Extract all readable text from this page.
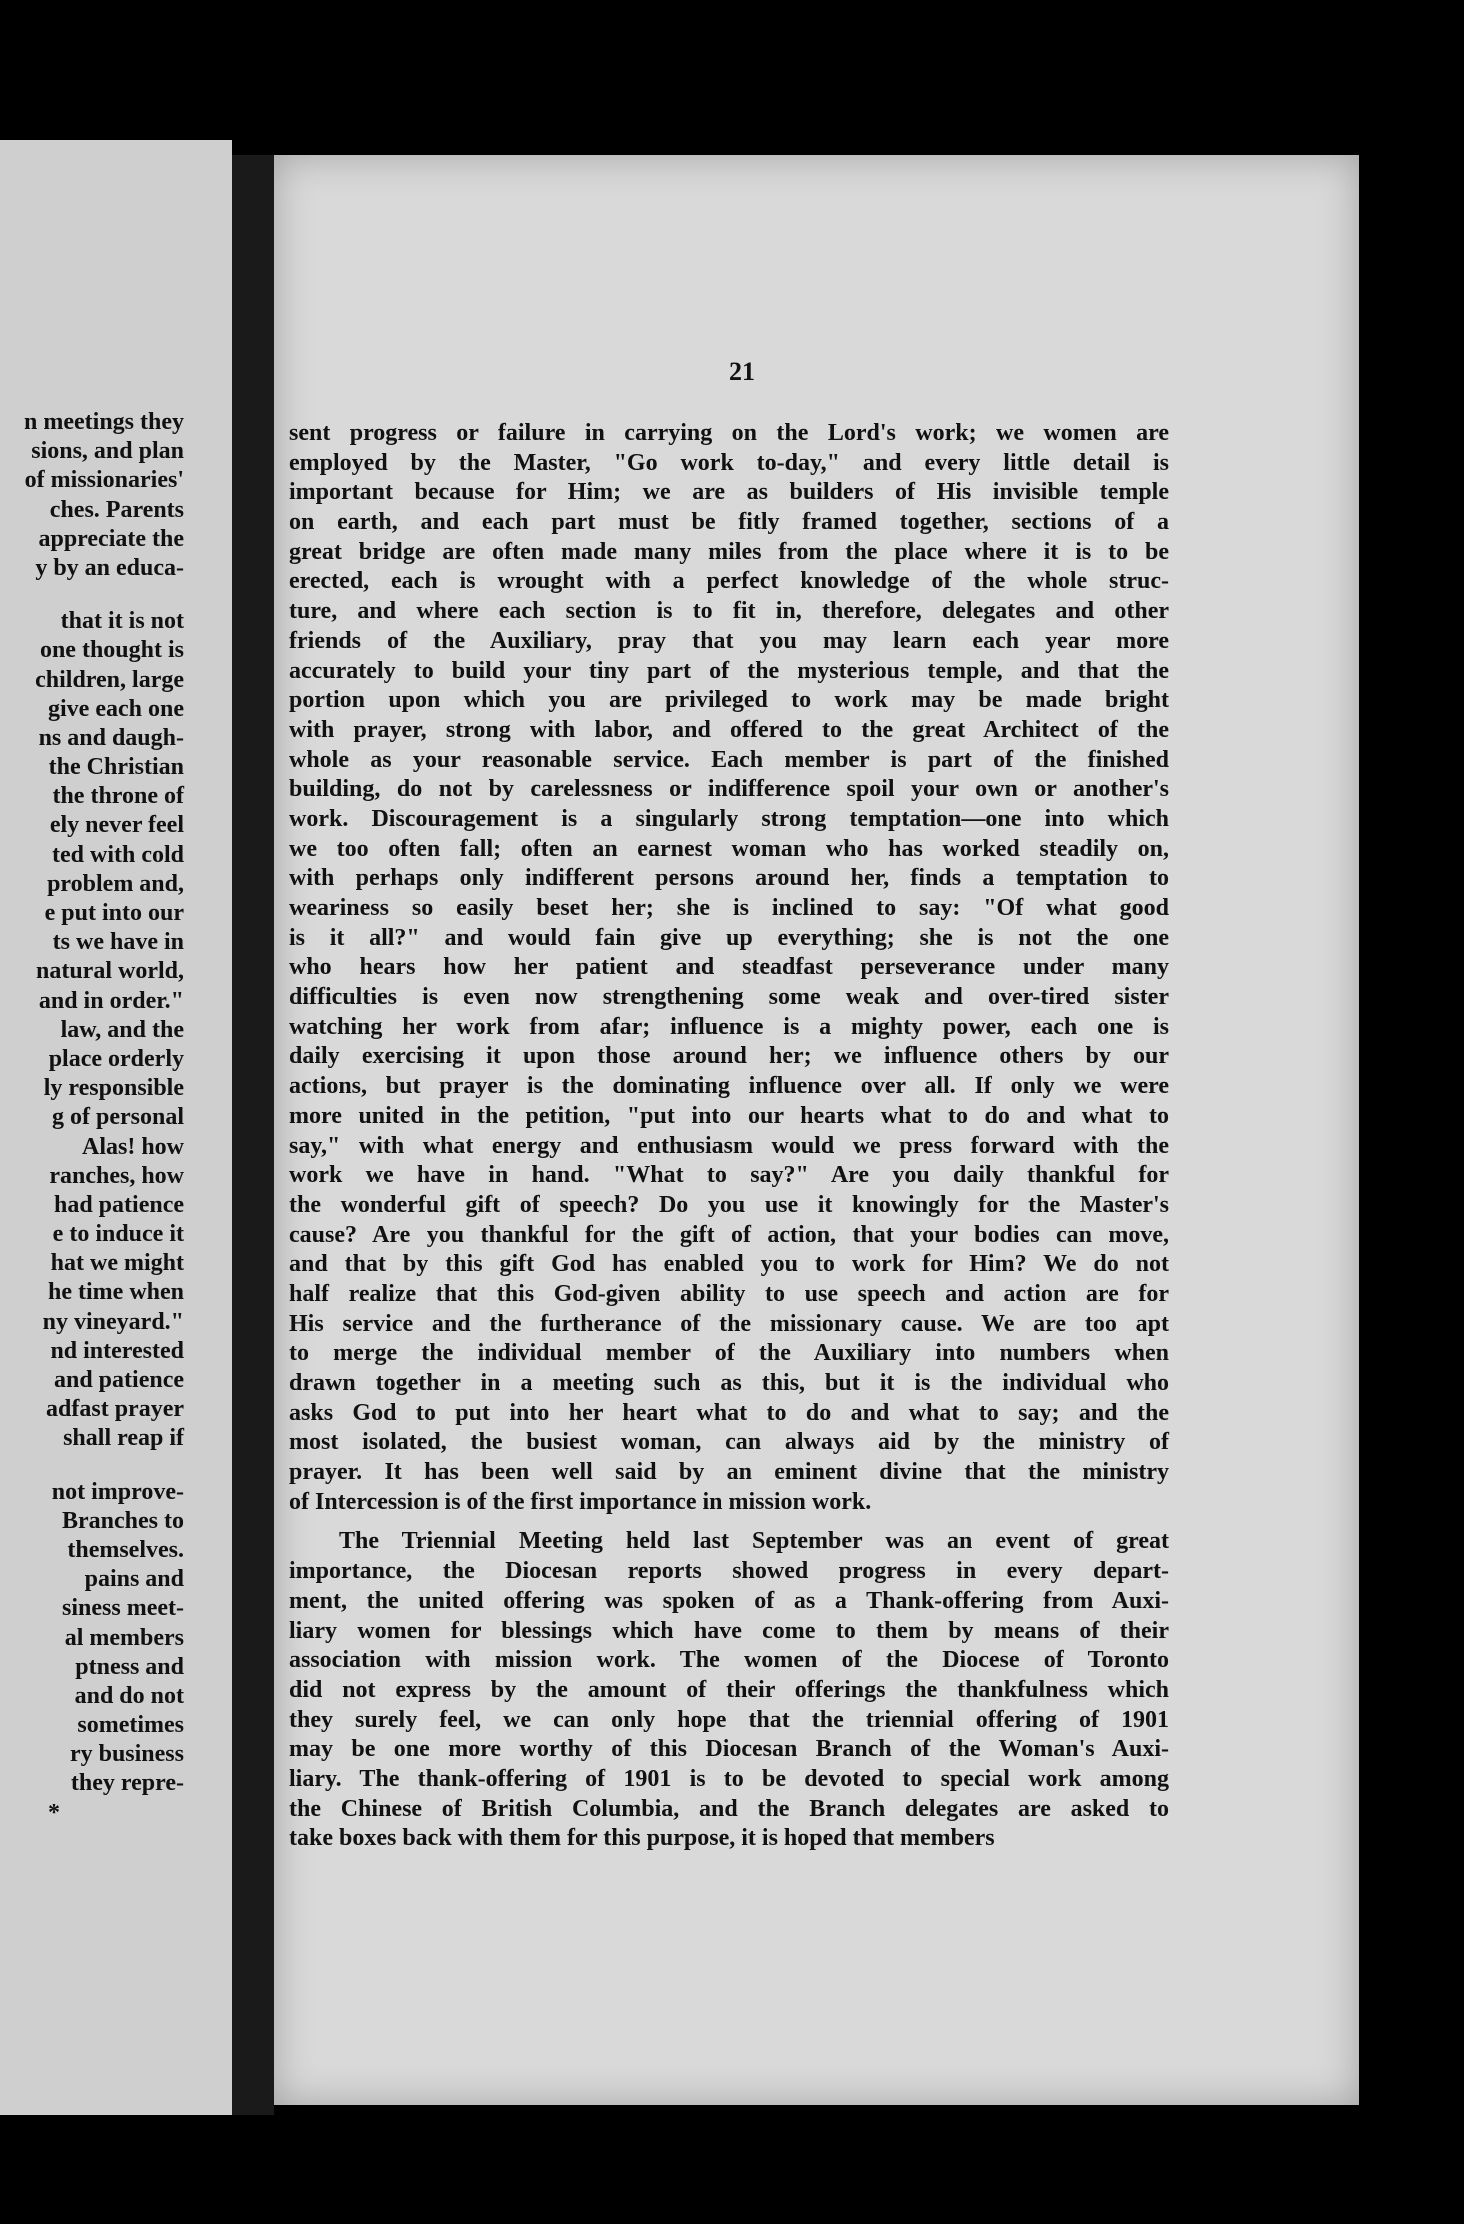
n meetings they
sions, and plan
of missionaries'
ches. Parents
appreciate the
y by an educa-
that it is not
one thought is
children, large
give each one
ns and daugh-
the Christian
the throne of
ely never feel
ted with cold
problem and,
e put into our
ts we have in
natural world,
and in order."
law, and the
place orderly
ly responsible
g of personal
Alas! how
ranches, how
had patience
e to induce it
hat we might
he time when
ny vineyard."
nd interested
and patience
adfast prayer
shall reap if
not improve-
Branches to
themselves.
pains and
siness meet-
al members
ptness and
and do not
sometimes
ry business
they repre-
*
21
sent progress or failure in carrying on the Lord's work; we women are
employed by the Master, "Go work to-day," and every little detail is
important because for Him; we are as builders of His invisible temple
on earth, and each part must be fitly framed together, sections of a
great bridge are often made many miles from the place where it is to be
erected, each is wrought with a perfect knowledge of the whole struc-
ture, and where each section is to fit in, therefore, delegates and other
friends of the Auxiliary, pray that you may learn each year more
accurately to build your tiny part of the mysterious temple, and that the
portion upon which you are privileged to work may be made bright
with prayer, strong with labor, and offered to the great Architect of the
whole as your reasonable service. Each member is part of the finished
building, do not by carelessness or indifference spoil your own or another's
work. Discouragement is a singularly strong temptation—one into which
we too often fall; often an earnest woman who has worked steadily on,
with perhaps only indifferent persons around her, finds a temptation to
weariness so easily beset her; she is inclined to say: "Of what good
is it all?" and would fain give up everything; she is not the one
who hears how her patient and steadfast perseverance under many
difficulties is even now strengthening some weak and over-tired sister
watching her work from afar; influence is a mighty power, each one is
daily exercising it upon those around her; we influence others by our
actions, but prayer is the dominating influence over all. If only we were
more united in the petition, "put into our hearts what to do and what to
say," with what energy and enthusiasm would we press forward with the
work we have in hand. "What to say?" Are you daily thankful for
the wonderful gift of speech? Do you use it knowingly for the Master's
cause? Are you thankful for the gift of action, that your bodies can move,
and that by this gift God has enabled you to work for Him? We do not
half realize that this God-given ability to use speech and action are for
His service and the furtherance of the missionary cause. We are too apt
to merge the individual member of the Auxiliary into numbers when
drawn together in a meeting such as this, but it is the individual who
asks God to put into her heart what to do and what to say; and the
most isolated, the busiest woman, can always aid by the ministry of
prayer. It has been well said by an eminent divine that the ministry
of Intercession is of the first importance in mission work.
The Triennial Meeting held last September was an event of great
importance, the Diocesan reports showed progress in every depart-
ment, the united offering was spoken of as a Thank-offering from Auxi-
liary women for blessings which have come to them by means of their
association with mission work. The women of the Diocese of Toronto
did not express by the amount of their offerings the thankfulness which
they surely feel, we can only hope that the triennial offering of 1901
may be one more worthy of this Diocesan Branch of the Woman's Auxi-
liary. The thank-offering of 1901 is to be devoted to special work among
the Chinese of British Columbia, and the Branch delegates are asked to
take boxes back with them for this purpose, it is hoped that members
